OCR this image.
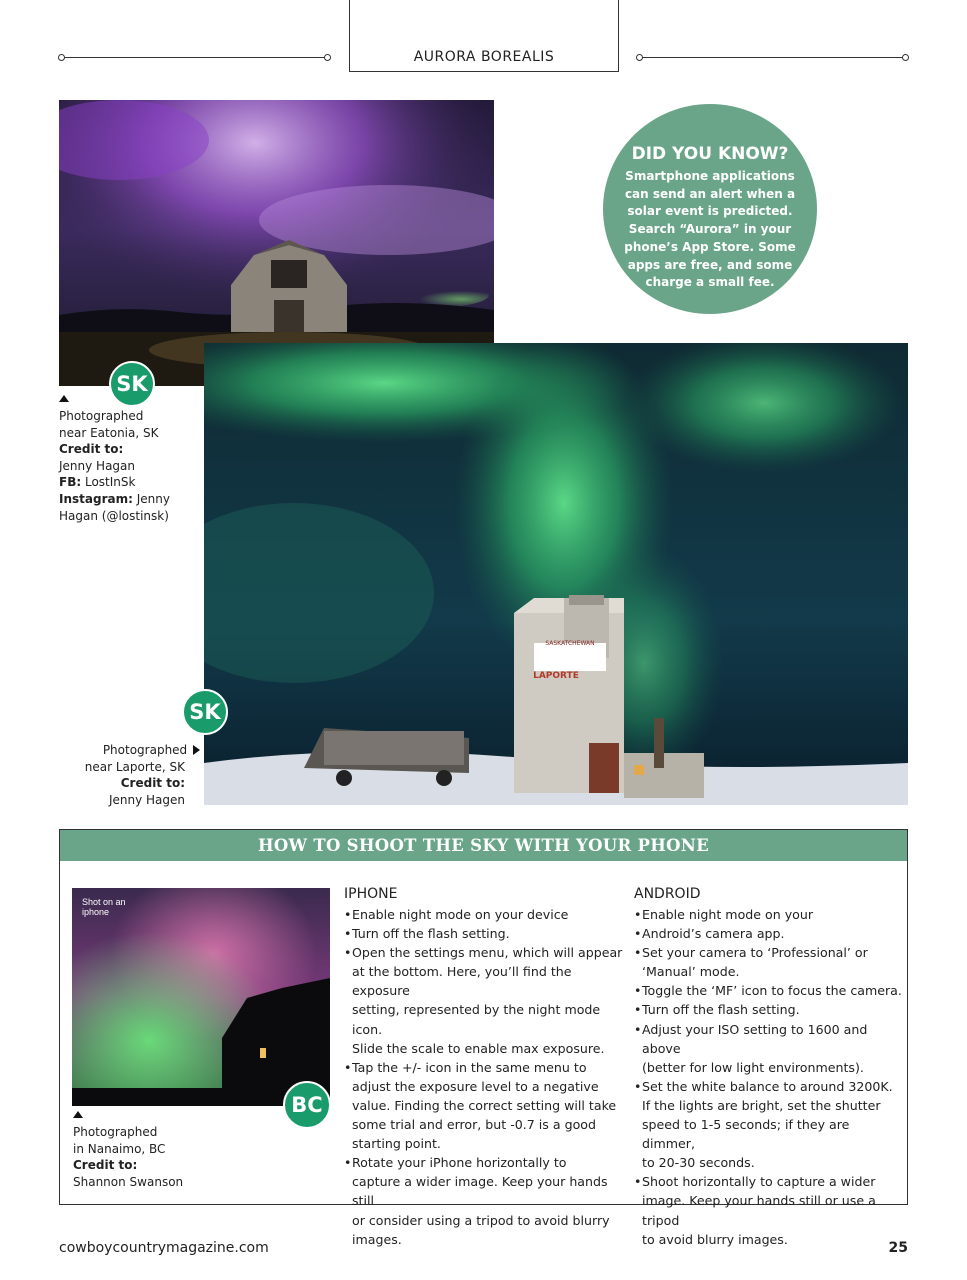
AURORA BOREALIS
SK
Photographed
near Eatonia, SK
Credit to:
Jenny Hagan
FB: LostInSk
Instagram: Jenny
Hagan (@lostinsk)
DID YOU KNOW?
Smartphone applications can send an alert when a solar event is predicted. Search “Aurora” in your phone’s App Store. Some apps are free, and some charge a small fee.
SASKATCHEWAN
LAPORTE
SK
Photographed
near Laporte, SK
Credit to:
Jenny Hagen
HOW TO SHOOT THE SKY WITH YOUR PHONE
Shot on an
iphone
BC
Photographed
in Nanaimo, BC
Credit to:
Shannon Swanson
IPHONE
• Enable night mode on your device
• Turn off the flash setting.
• Open the settings menu, which will appear
at the bottom. Here, you’ll find the exposure
setting, represented by the night mode icon.
Slide the scale to enable max exposure.
• Tap the +/- icon in the same menu to
adjust the exposure level to a negative
value. Finding the correct setting will take
some trial and error, but -0.7 is a good
starting point.
• Rotate your iPhone horizontally to
capture a wider image. Keep your hands still
or consider using a tripod to avoid blurry
images.
ANDROID
• Enable night mode on your
• Android’s camera app.
• Set your camera to ‘Professional’ or
‘Manual’ mode.
• Toggle the ‘MF’ icon to focus the camera.
• Turn off the flash setting.
• Adjust your ISO setting to 1600 and above
(better for low light environments).
• Set the white balance to around 3200K.
If the lights are bright, set the shutter
speed to 1-5 seconds; if they are dimmer,
to 20-30 seconds.
• Shoot horizontally to capture a wider
image. Keep your hands still or use a tripod
to avoid blurry images.
cowboycountrymagazine.com	25
